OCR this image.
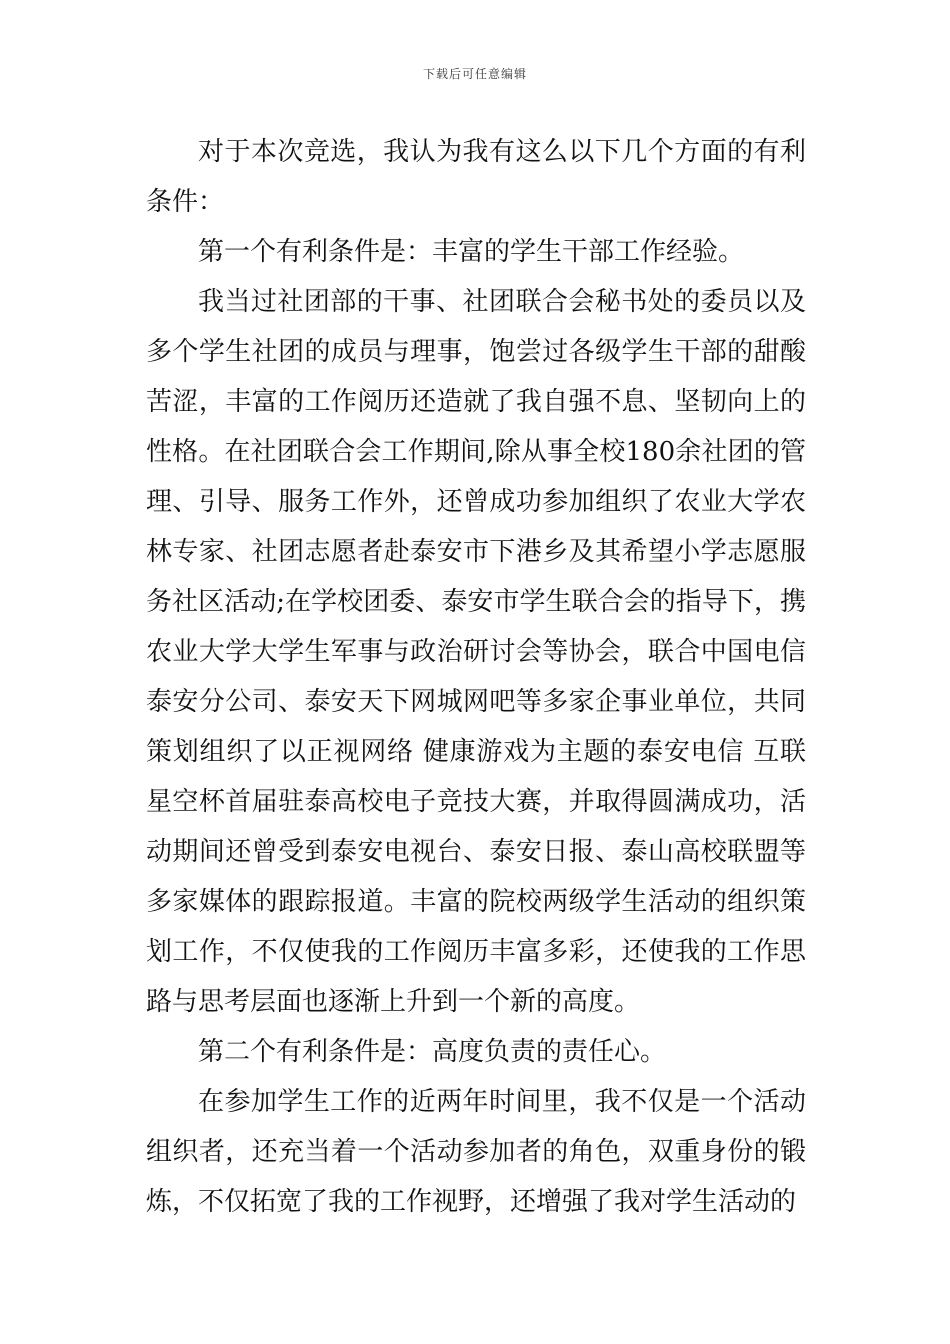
下载后可任意编辑

对于本次竞选，我认为我有这么以下几个方面的有利条件：

第一个有利条件是：丰富的学生干部工作经验。

我当过社团部的干事、社团联合会秘书处的委员以及多个学生社团的成员与理事，饱尝过各级学生干部的甜酸苦涩，丰富的工作阅历还造就了我自强不息、坚韧向上的性格。在社团联合会工作期间,除从事全校180余社团的管理、引导、服务工作外，还曾成功参加组织了农业大学农林专家、社团志愿者赴泰安市下港乡及其希望小学志愿服务社区活动;在学校团委、泰安市学生联合会的指导下，携农业大学大学生军事与政治研讨会等协会，联合中国电信泰安分公司、泰安天下网城网吧等多家企事业单位，共同策划组织了以正视网络 健康游戏为主题的泰安电信 互联星空杯首届驻泰高校电子竞技大赛，并取得圆满成功，活动期间还曾受到泰安电视台、泰安日报、泰山高校联盟等多家媒体的跟踪报道。丰富的院校两级学生活动的组织策划工作，不仅使我的工作阅历丰富多彩，还使我的工作思路与思考层面也逐渐上升到一个新的高度。

第二个有利条件是：高度负责的责任心。

在参加学生工作的近两年时间里，我不仅是一个活动组织者，还充当着一个活动参加者的角色，双重身份的锻炼，不仅拓宽了我的工作视野，还增强了我对学生活动的
